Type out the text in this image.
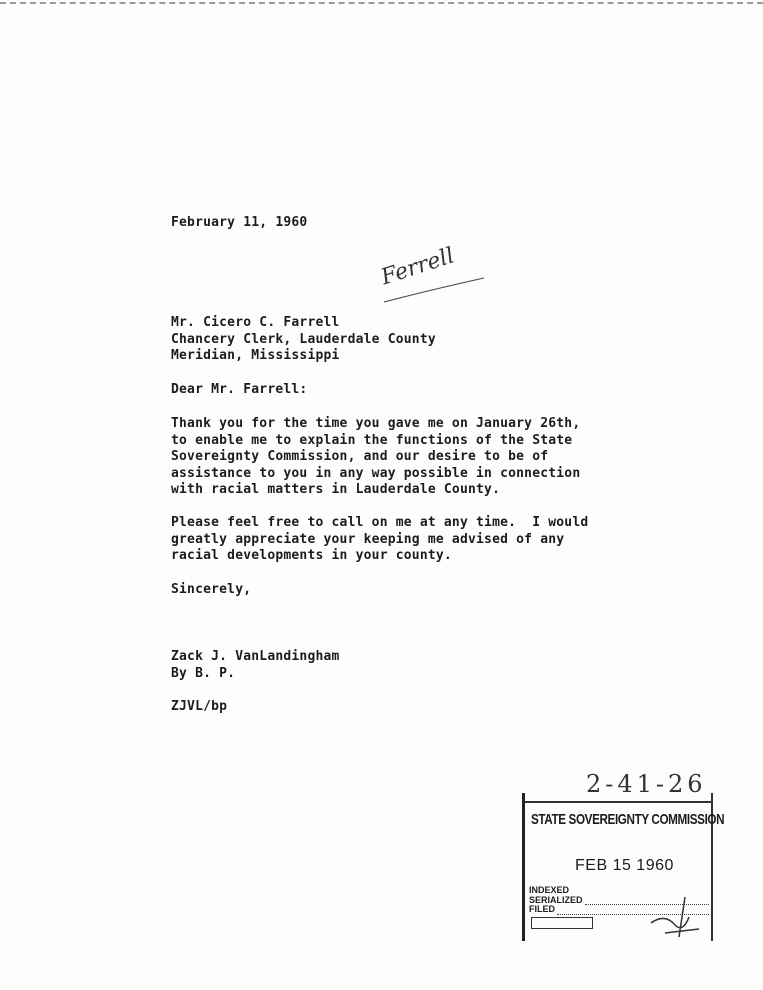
February 11, 1960
Ferrell
Mr. Cicero C. Farrell
Chancery Clerk, Lauderdale County
Meridian, Mississippi
Dear Mr. Farrell:
Thank you for the time you gave me on January 26th,
to enable me to explain the functions of the State
Sovereignty Commission, and our desire to be of
assistance to you in any way possible in connection
with racial matters in Lauderdale County.
Please feel free to call on me at any time.  I would
greatly appreciate your keeping me advised of any
racial developments in your county.
Sincerely,
Zack J. VanLandingham
By B. P.
ZJVL/bp
2-41-26
STATE SOVEREIGNTY COMMISSION
FEB 15 1960
INDEXED
SERIALIZED
FILED
